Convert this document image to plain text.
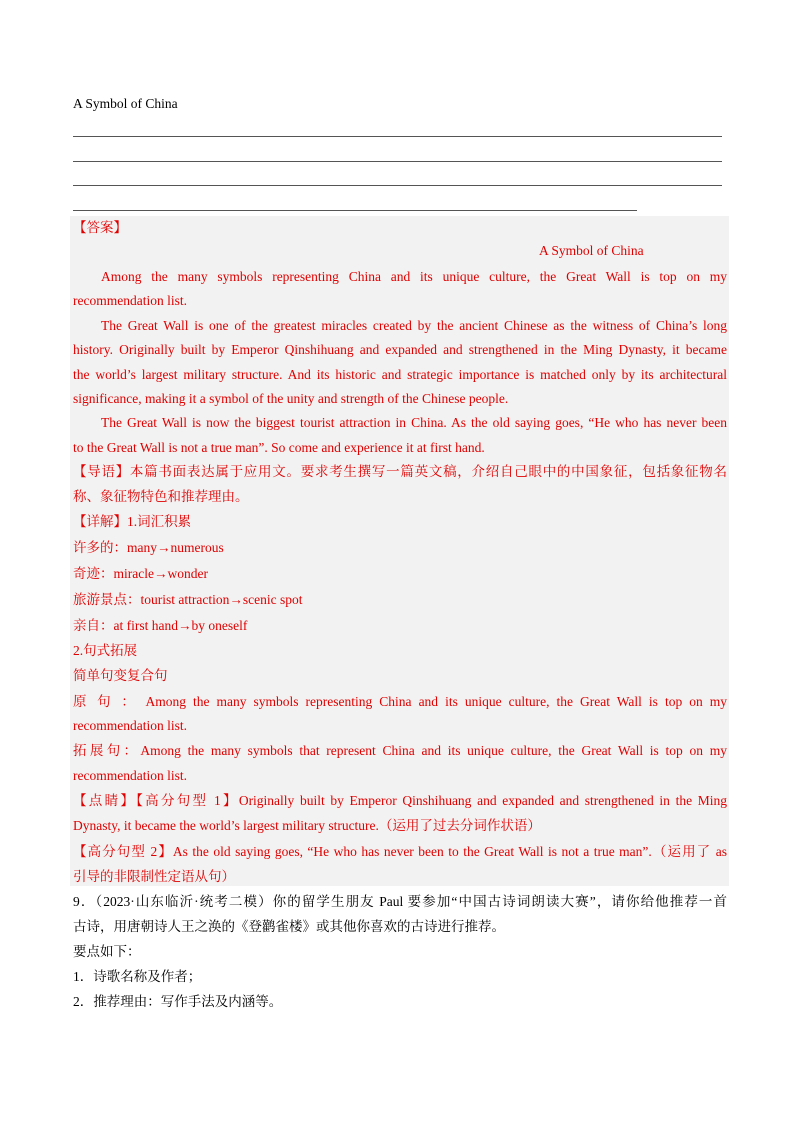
A Symbol of China
【答案】
A Symbol of China
Among the many symbols representing China and its unique culture, the Great Wall is top on my
recommendation list.
The Great Wall is one of the greatest miracles created by the ancient Chinese as the witness of China’s long
history. Originally built by Emperor Qinshihuang and expanded and strengthened in the Ming Dynasty, it became
the world’s largest military structure. And its historic and strategic importance is matched only by its architectural
significance, making it a symbol of the unity and strength of the Chinese people.
The Great Wall is now the biggest tourist attraction in China. As the old saying goes, “He who has never been
to the Great Wall is not a true man”. So come and experience it at first hand.
【导语】本篇书面表达属于应用文。要求考生撰写一篇英文稿，介绍自己眼中的中国象征，包括象征物名
称、象征物特色和推荐理由。
【详解】1.词汇积累
许多的：many→numerous
奇迹：miracle→wonder
旅游景点：tourist attraction→scenic spot
亲自：at first hand→by oneself
2.句式拓展
简单句变复合句
原 句 ： Among the many symbols representing China and its unique culture, the Great Wall is top on my
recommendation list.
拓展句：Among the many symbols that represent China and its unique culture, the Great Wall is top on my
recommendation list.
【点睛】【高分句型 1】Originally built by Emperor Qinshihuang and expanded and strengthened in the Ming
Dynasty, it became the world’s largest military structure.（运用了过去分词作状语）
【高分句型 2】As the old saying goes, “He who has never been to the Great Wall is not a true man”.（运用了 as
引导的非限制性定语从句）
9．（2023·山东临沂·统考二模）你的留学生朋友 Paul 要参加“中国古诗词朗读大赛”，请你给他推荐一首
古诗，用唐朝诗人王之涣的《登鹳雀楼》或其他你喜欢的古诗进行推荐。
要点如下：
1．诗歌名称及作者；
2．推荐理由：写作手法及内涵等。
